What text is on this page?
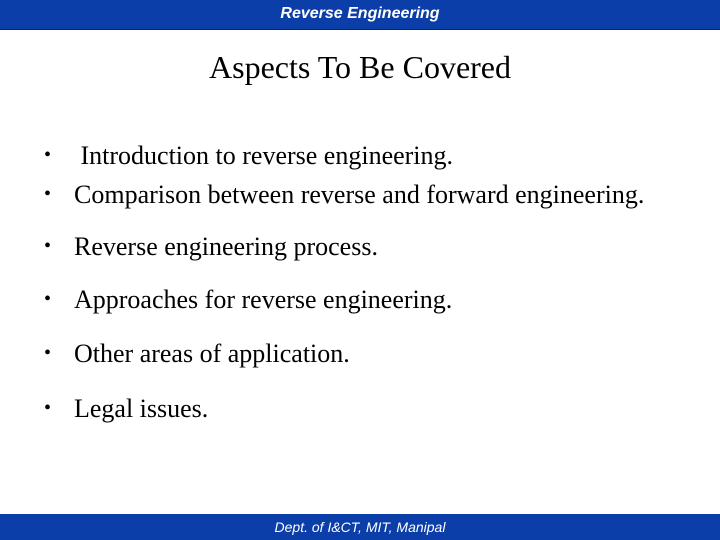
Reverse Engineering
Aspects To Be Covered
• Introduction to reverse engineering.
• Comparison between reverse and forward engineering.
• Reverse engineering process.
• Approaches for reverse engineering.
• Other areas of application.
• Legal issues.
Dept. of I&CT, MIT, Manipal
